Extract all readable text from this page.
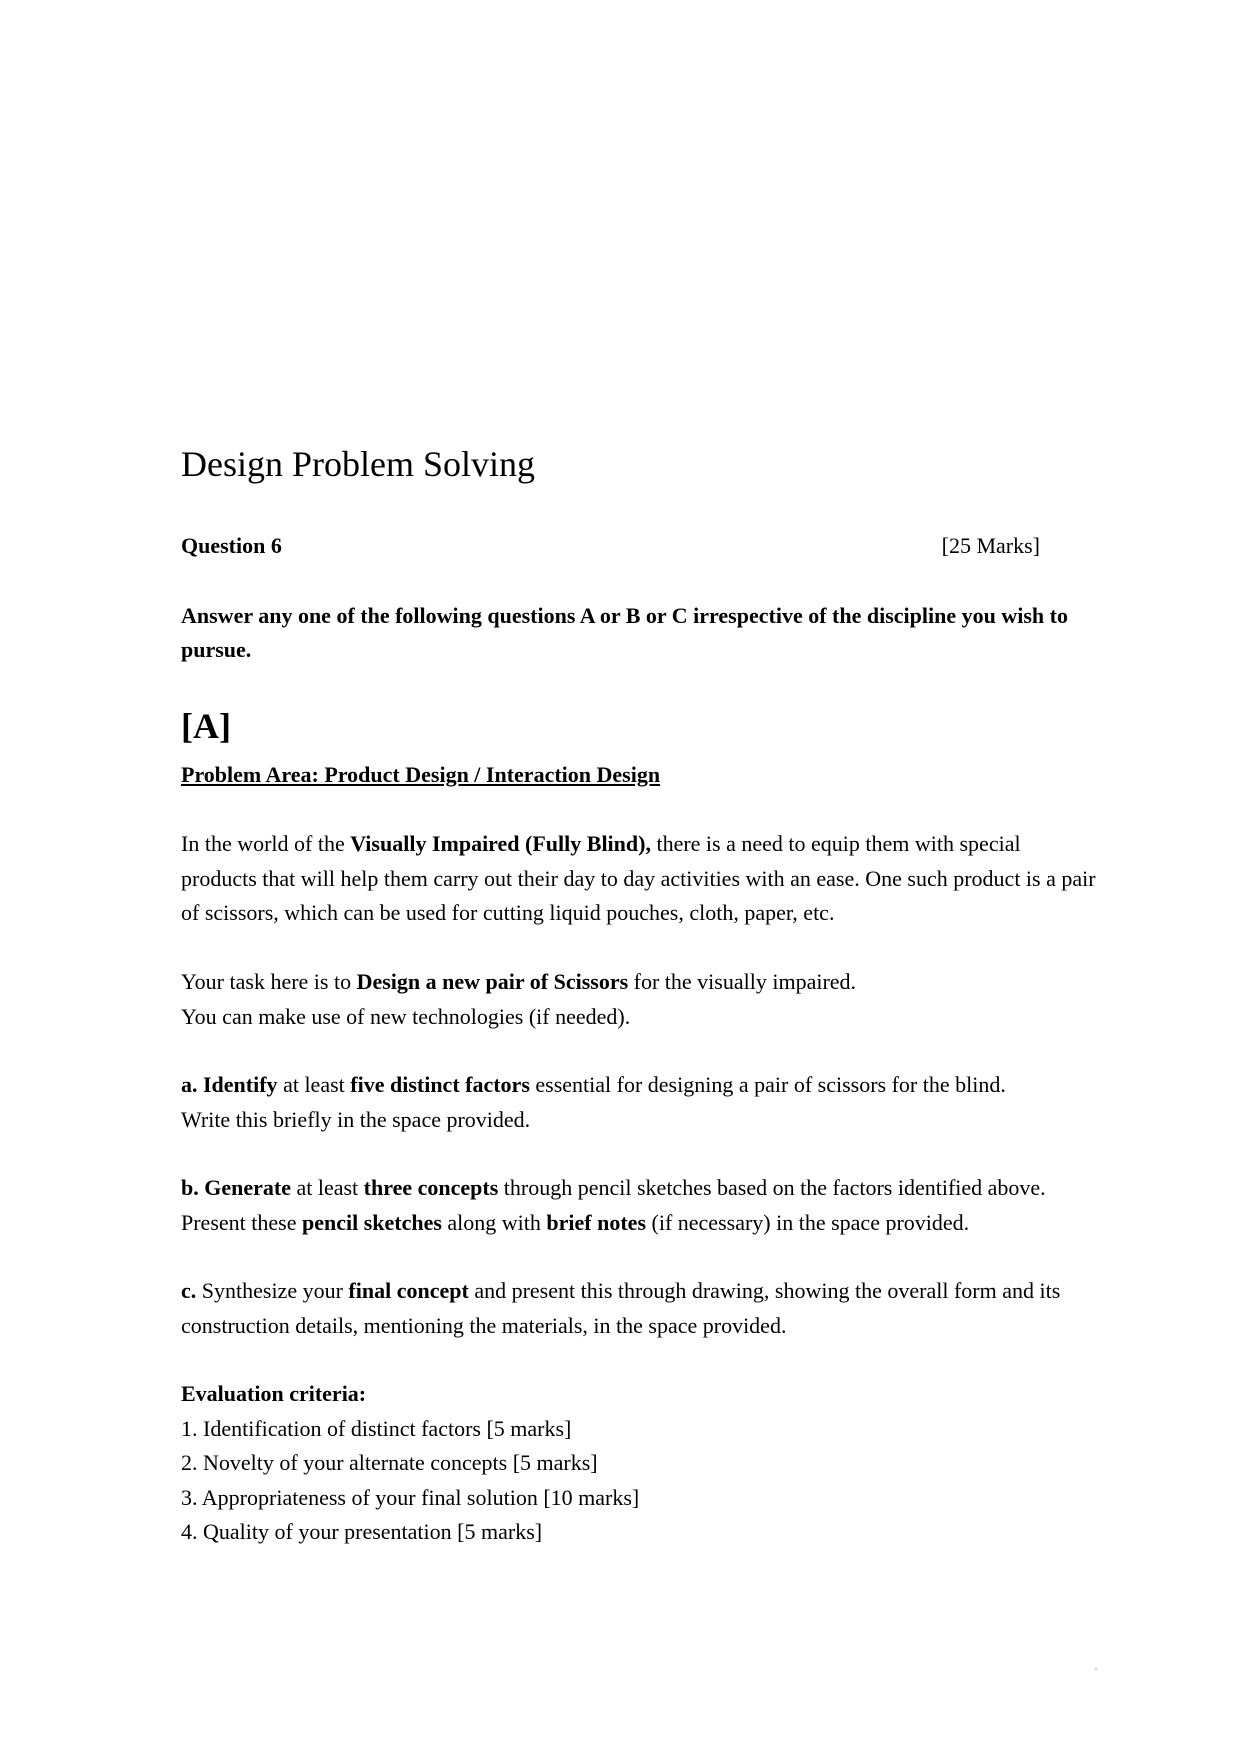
Design Problem Solving
Question 6	[25 Marks]

Answer any one of the following questions A or B or C irrespective of the discipline you wish to pursue.

[A]
Problem Area: Product Design / Interaction Design

In the world of the Visually Impaired (Fully Blind), there is a need to equip them with special products that will help them carry out their day to day activities with an ease. One such product is a pair of scissors, which can be used for cutting liquid pouches, cloth, paper, etc.

Your task here is to Design a new pair of Scissors for the visually impaired.
You can make use of new technologies (if needed).

a. Identify at least five distinct factors essential for designing a pair of scissors for the blind.
Write this briefly in the space provided.

b. Generate at least three concepts through pencil sketches based on the factors identified above. Present these pencil sketches along with brief notes (if necessary) in the space provided.

c. Synthesize your final concept and present this through drawing, showing the overall form and its construction details, mentioning the materials, in the space provided.

Evaluation criteria:
1. Identification of distinct factors [5 marks]
2. Novelty of your alternate concepts [5 marks]
3. Appropriateness of your final solution [10 marks]
4. Quality of your presentation [5 marks]
